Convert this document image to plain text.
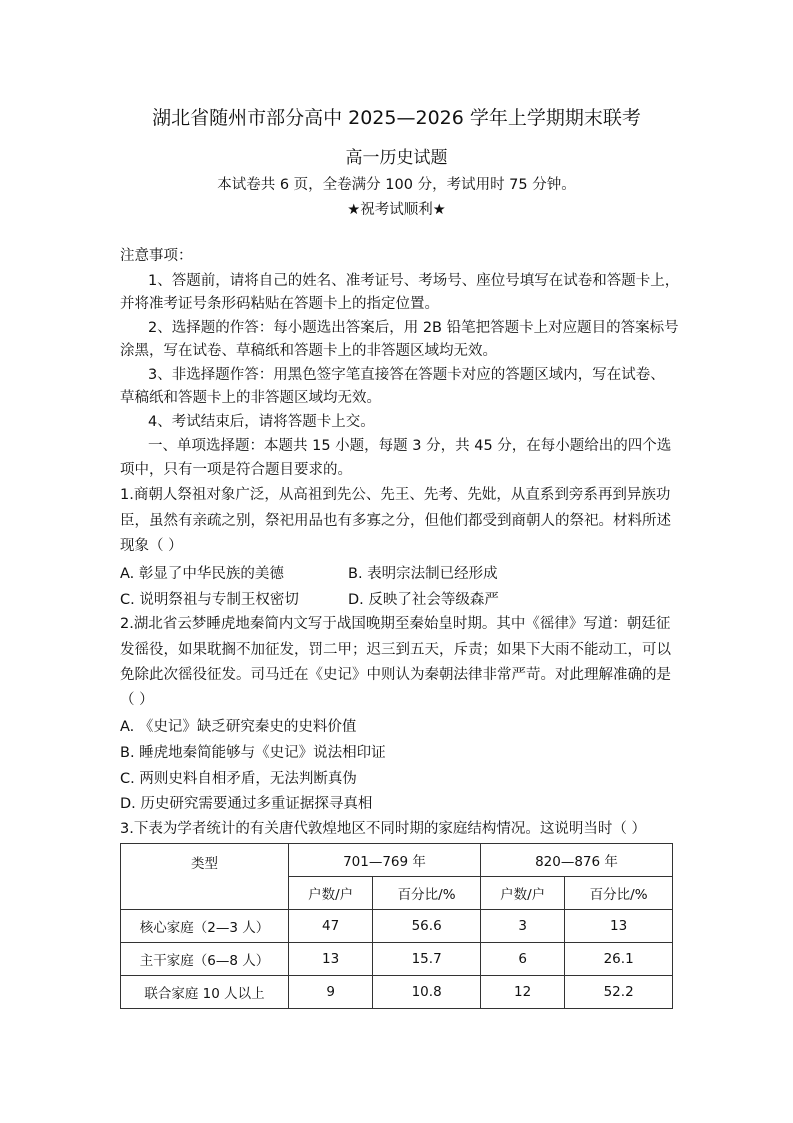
湖北省随州市部分高中 2025—2026 学年上学期期末联考
高一历史试题
本试卷共 6 页，全卷满分 100 分，考试用时 75 分钟。
★祝考试顺利★
注意事项：
1、答题前，请将自己的姓名、准考证号、考场号、座位号填写在试卷和答题卡上，
并将准考证号条形码粘贴在答题卡上的指定位置。
2、选择题的作答：每小题选出答案后，用 2B 铅笔把答题卡上对应题目的答案标号
涂黑，写在试卷、草稿纸和答题卡上的非答题区域均无效。
3、非选择题作答：用黑色签字笔直接答在答题卡对应的答题区域内，写在试卷、
草稿纸和答题卡上的非答题区域均无效。
4、考试结束后，请将答题卡上交。
一、单项选择题：本题共 15 小题，每题 3 分，共 45 分，在每小题给出的四个选
项中，只有一项是符合题目要求的。
1.商朝人祭祖对象广泛，从高祖到先公、先王、先考、先妣，从直系到旁系再到异族功
臣，虽然有亲疏之别，祭祀用品也有多寡之分，但他们都受到商朝人的祭祀。材料所述
现象（ ）
A. 彰显了中华民族的美德	B. 表明宗法制已经形成
C. 说明祭祖与专制王权密切	D. 反映了社会等级森严
2.湖北省云梦睡虎地秦简内文写于战国晚期至秦始皇时期。其中《徭律》写道：朝廷征
发徭役，如果耽搁不加征发，罚二甲；迟三到五天，斥责；如果下大雨不能动工，可以
免除此次徭役征发。司马迁在《史记》中则认为秦朝法律非常严苛。对此理解准确的是
（ ）
A. 《史记》缺乏研究秦史的史料价值
B. 睡虎地秦简能够与《史记》说法相印证
C. 两则史料自相矛盾，无法判断真伪
D. 历史研究需要通过多重证据探寻真相
3.下表为学者统计的有关唐代敦煌地区不同时期的家庭结构情况。这说明当时（ ）
类型	701—769 年		820—876 年	
	户数/户	百分比/%	户数/户	百分比/%
核心家庭（2—3 人）	47	56.6	3	13
主干家庭（6—8 人）	13	15.7	6	26.1
联合家庭 10 人以上	9	10.8	12	52.2
